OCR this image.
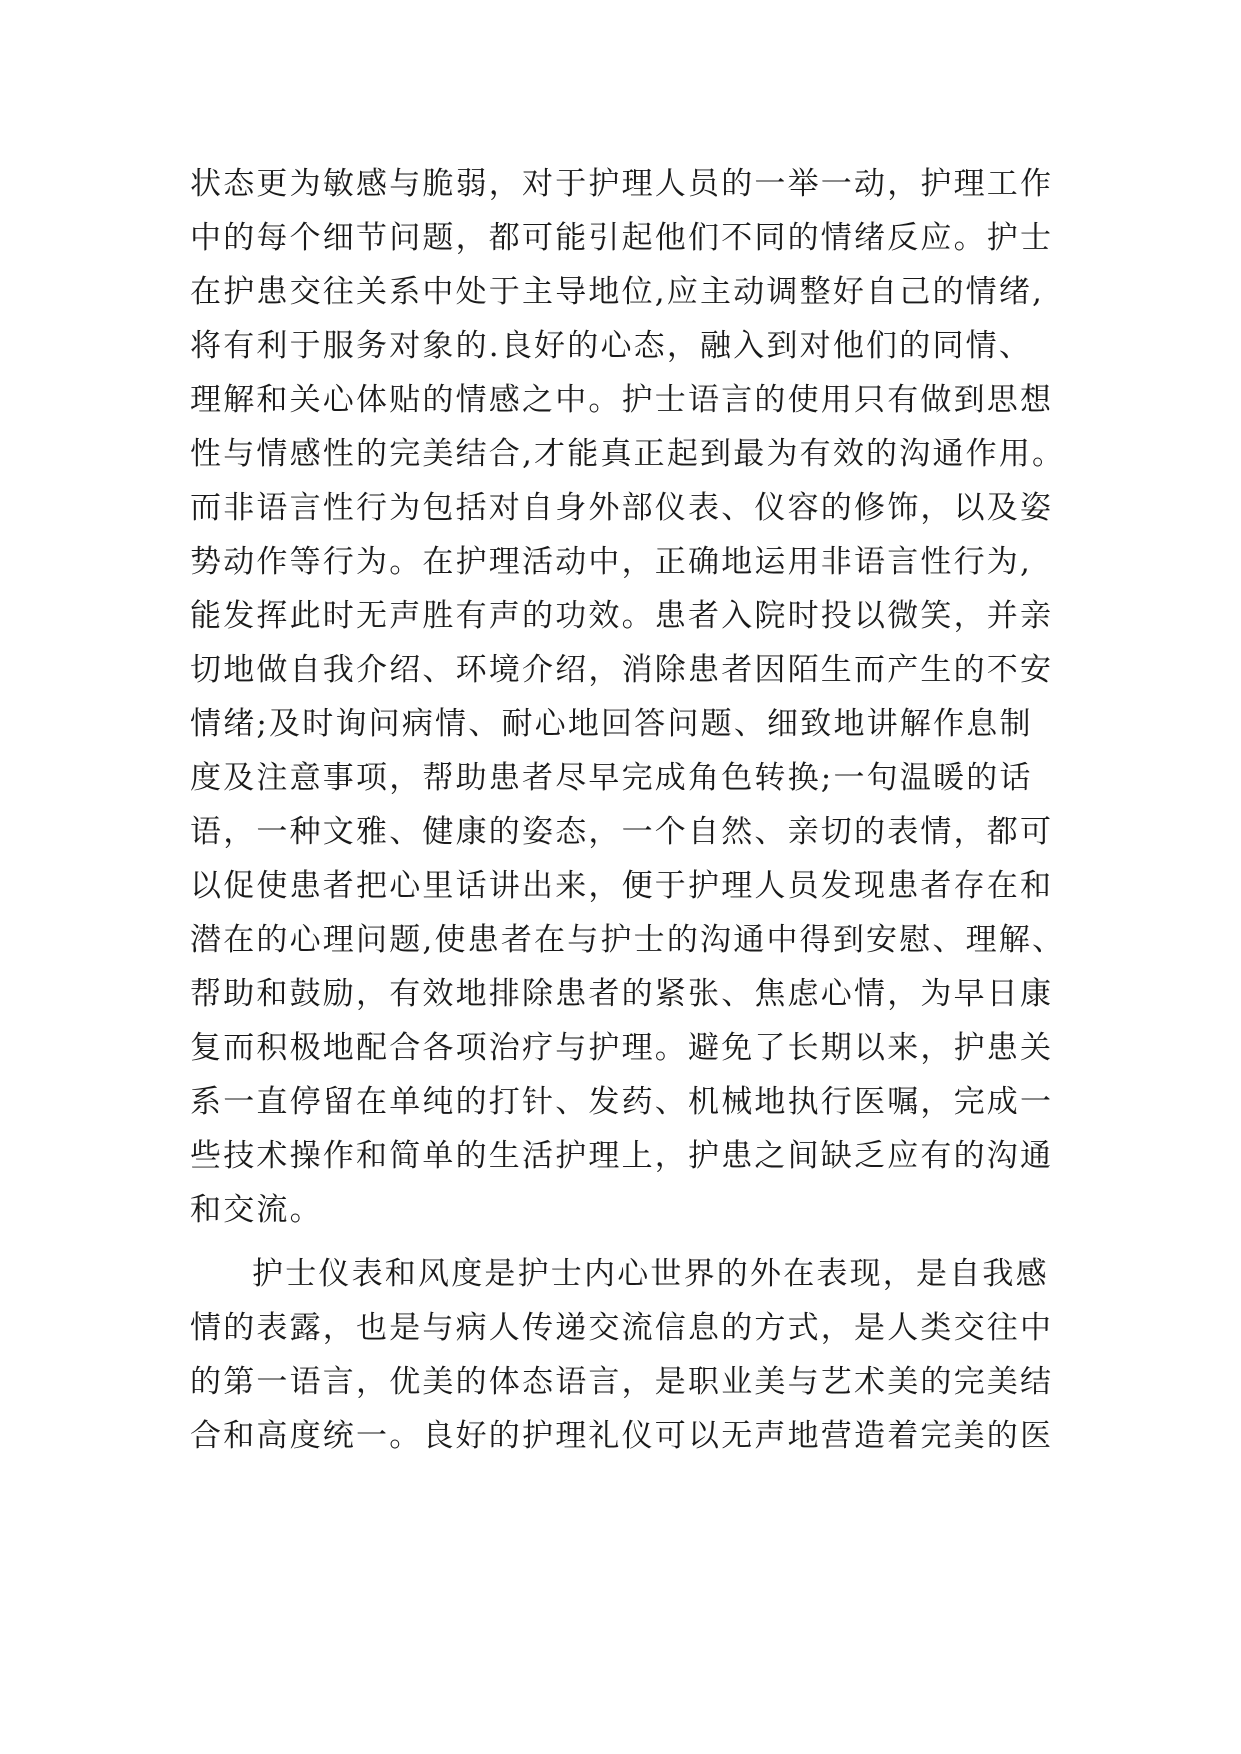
状态更为敏感与脆弱，对于护理人员的一举一动，护理工作
中的每个细节问题，都可能引起他们不同的情绪反应。护士
在护患交往关系中处于主导地位,应主动调整好自己的情绪,
将有利于服务对象的.良好的心态，融入到对他们的同情、
理解和关心体贴的情感之中。护士语言的使用只有做到思想
性与情感性的完美结合,才能真正起到最为有效的沟通作用。
而非语言性行为包括对自身外部仪表、仪容的修饰，以及姿
势动作等行为。在护理活动中，正确地运用非语言性行为,
能发挥此时无声胜有声的功效。患者入院时投以微笑，并亲
切地做自我介绍、环境介绍，消除患者因陌生而产生的不安
情绪;及时询问病情、耐心地回答问题、细致地讲解作息制
度及注意事项，帮助患者尽早完成角色转换;一句温暖的话
语，一种文雅、健康的姿态，一个自然、亲切的表情，都可
以促使患者把心里话讲出来，便于护理人员发现患者存在和
潜在的心理问题,使患者在与护士的沟通中得到安慰、理解、
帮助和鼓励，有效地排除患者的紧张、焦虑心情，为早日康
复而积极地配合各项治疗与护理。避免了长期以来，护患关
系一直停留在单纯的打针、发药、机械地执行医嘱，完成一
些技术操作和简单的生活护理上，护患之间缺乏应有的沟通
和交流。
护士仪表和风度是护士内心世界的外在表现，是自我感
情的表露，也是与病人传递交流信息的方式，是人类交往中
的第一语言，优美的体态语言，是职业美与艺术美的完美结
合和高度统一。良好的护理礼仪可以无声地营造着完美的医
